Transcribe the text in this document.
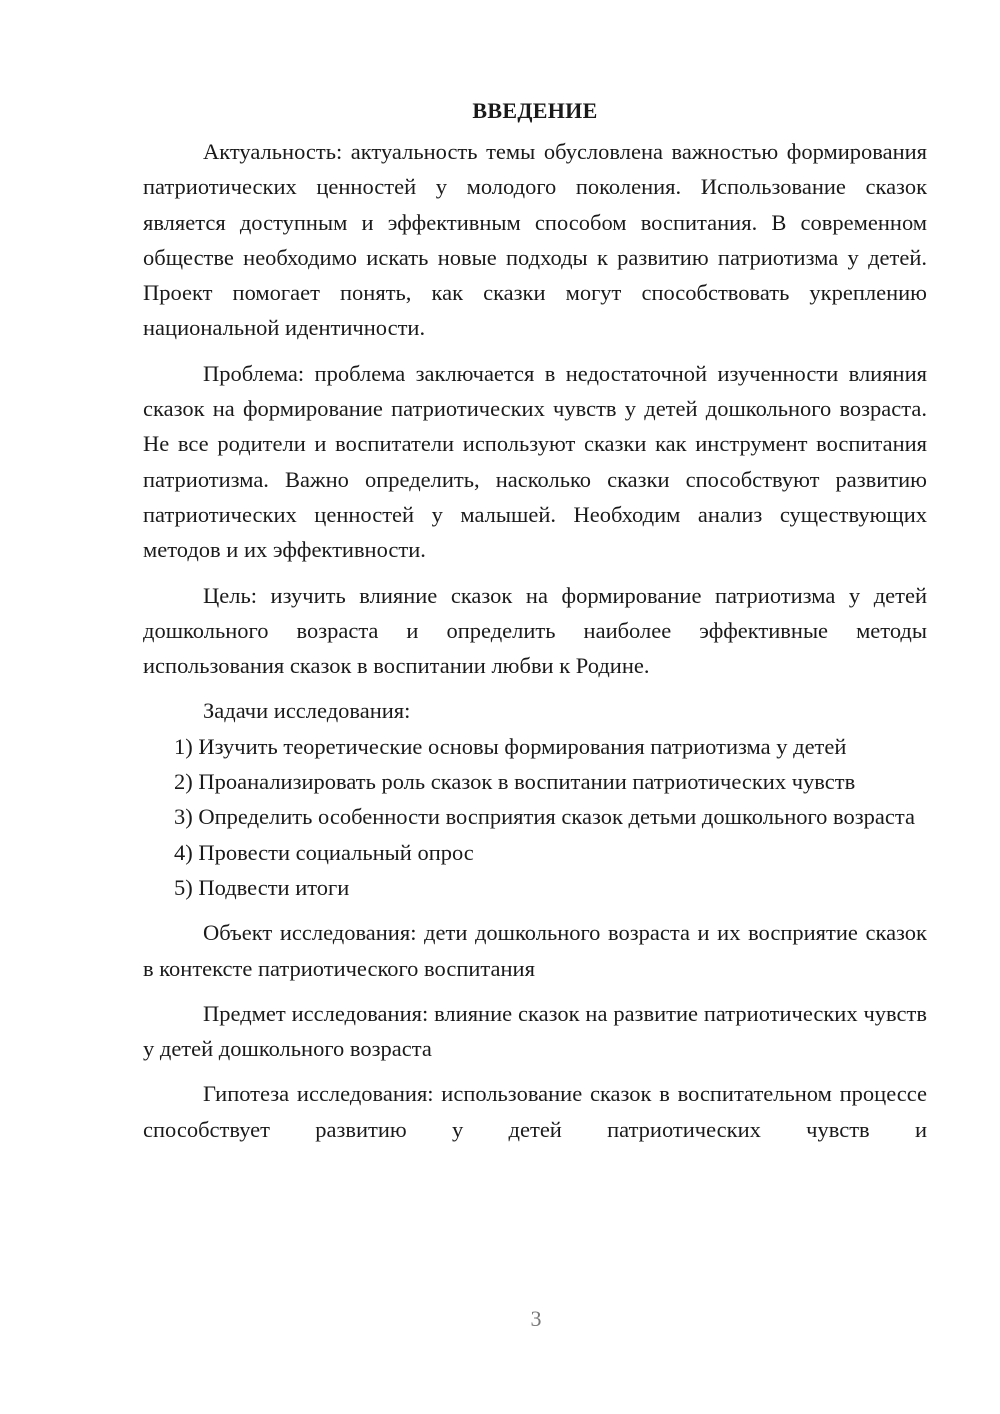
ВВЕДЕНИЕ

Актуальность: актуальность темы обусловлена важностью формирования патриотических ценностей у молодого поколения. Использование сказок является доступным и эффективным способом воспитания. В современном обществе необходимо искать новые подходы к развитию патриотизма у детей. Проект помогает понять, как сказки могут способствовать укреплению национальной идентичности.

Проблема: проблема заключается в недостаточной изученности влияния сказок на формирование патриотических чувств у детей дошкольного возраста. Не все родители и воспитатели используют сказки как инструмент воспитания патриотизма. Важно определить, насколько сказки способствуют развитию патриотических ценностей у малышей. Необходим анализ существующих методов и их эффективности.

Цель: изучить влияние сказок на формирование патриотизма у детей дошкольного возраста и определить наиболее эффективные методы использования сказок в воспитании любви к Родине.

Задачи исследования:

1) Изучить теоретические основы формирования патриотизма у детей

2) Проанализировать роль сказок в воспитании патриотических чувств

3) Определить особенности восприятия сказок детьми дошкольного возраста

4) Провести социальный опрос

5) Подвести итоги

Объект исследования: дети дошкольного возраста и их восприятие сказок в контексте патриотического воспитания

Предмет исследования: влияние сказок на развитие патриотических чувств у детей дошкольного возраста

Гипотеза исследования: использование сказок в воспитательном процессе способствует развитию у детей патриотических чувств и

3
